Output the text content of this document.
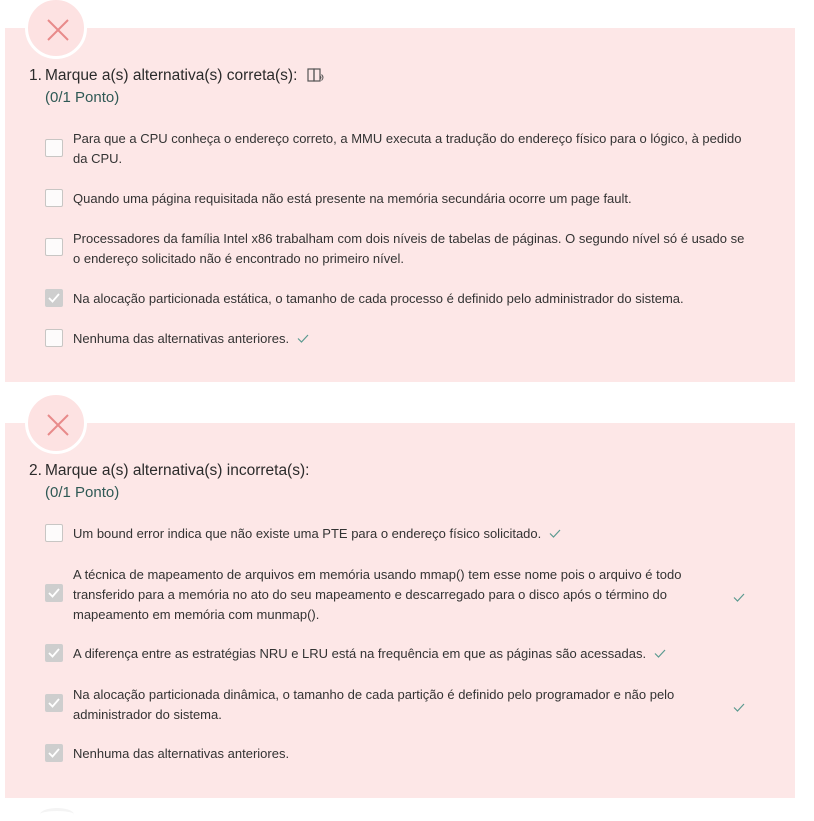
1. Marque a(s) alternativa(s) correta(s):
(0/1 Ponto)
Para que a CPU conheça o endereço correto, a MMU executa a tradução do endereço físico para o lógico, à pedido da CPU.
Quando uma página requisitada não está presente na memória secundária ocorre um page fault.
Processadores da família Intel x86 trabalham com dois níveis de tabelas de páginas. O segundo nível só é usado se o endereço solicitado não é encontrado no primeiro nível.
Na alocação particionada estática, o tamanho de cada processo é definido pelo administrador do sistema.
Nenhuma das alternativas anteriores.
2. Marque a(s) alternativa(s) incorreta(s):
(0/1 Ponto)
Um bound error indica que não existe uma PTE para o endereço físico solicitado.
A técnica de mapeamento de arquivos em memória usando mmap() tem esse nome pois o arquivo é todo transferido para a memória no ato do seu mapeamento e descarregado para o disco após o término do mapeamento em memória com munmap().
A diferença entre as estratégias NRU e LRU está na frequência em que as páginas são acessadas.
Na alocação particionada dinâmica, o tamanho de cada partição é definido pelo programador e não pelo administrador do sistema.
Nenhuma das alternativas anteriores.
